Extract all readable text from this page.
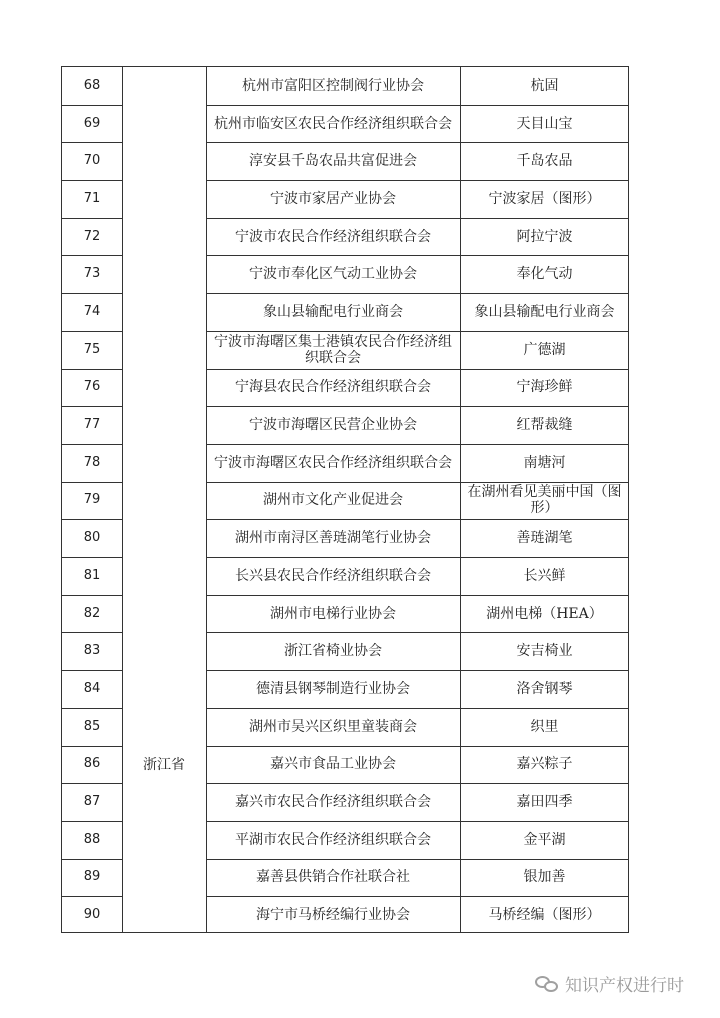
浙江省
68	杭州市富阳区控制阀行业协会	杭固
69	杭州市临安区农民合作经济组织联合会	天目山宝
70	淳安县千岛农品共富促进会	千岛农品
71	宁波市家居产业协会	宁波家居（图形）
72	宁波市农民合作经济组织联合会	阿拉宁波
73	宁波市奉化区气动工业协会	奉化气动
74	象山县输配电行业商会	象山县输配电行业商会
75	宁波市海曙区集士港镇农民合作经济组织联合会	广德湖
76	宁海县农民合作经济组织联合会	宁海珍鲜
77	宁波市海曙区民营企业协会	红帮裁缝
78	宁波市海曙区农民合作经济组织联合会	南塘河
79	湖州市文化产业促进会	在湖州看见美丽中国（图形）
80	湖州市南浔区善琏湖笔行业协会	善琏湖笔
81	长兴县农民合作经济组织联合会	长兴鲜
82	湖州市电梯行业协会	湖州电梯（HEA）
83	浙江省椅业协会	安吉椅业
84	德清县钢琴制造行业协会	洛舍钢琴
85	湖州市吴兴区织里童装商会	织里
86	嘉兴市食品工业协会	嘉兴粽子
87	嘉兴市农民合作经济组织联合会	嘉田四季
88	平湖市农民合作经济组织联合会	金平湖
89	嘉善县供销合作社联合社	银加善
90	海宁市马桥经编行业协会	马桥经编（图形）
知识产权进行时
